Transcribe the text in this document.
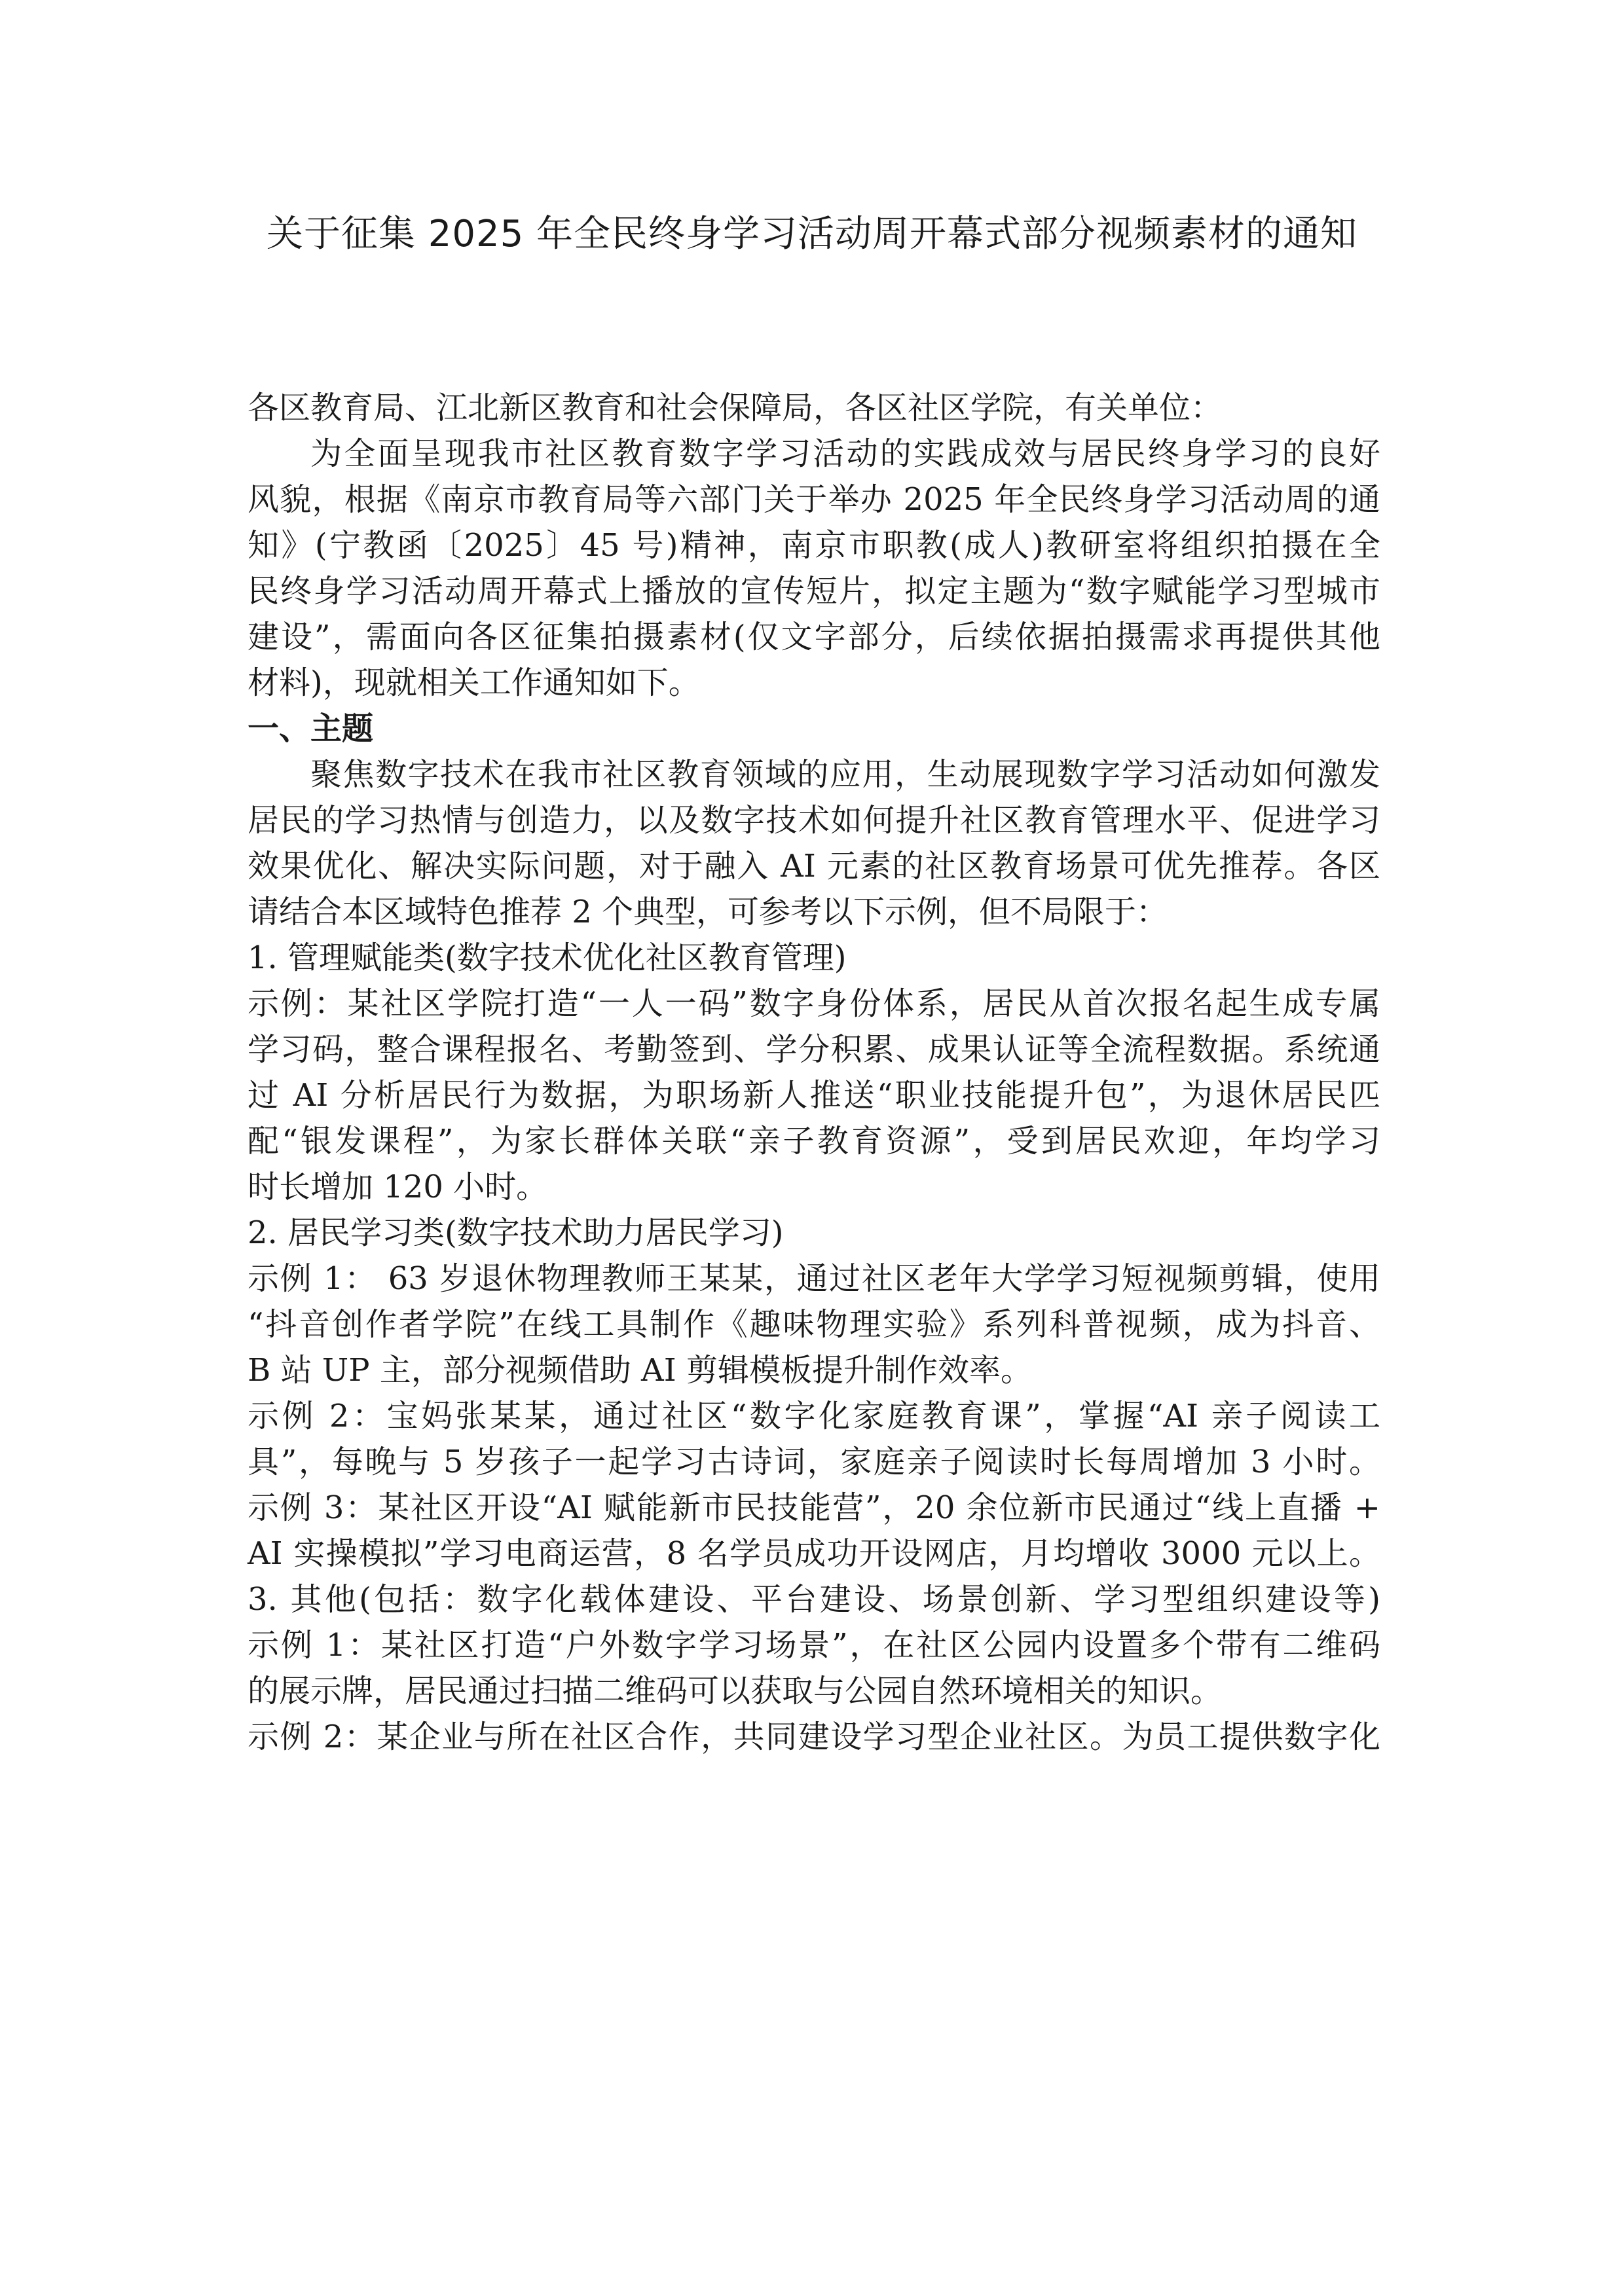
关于征集 2025 年全民终身学习活动周开幕式部分视频素材的通知
各区教育局、江北新区教育和社会保障局，各区社区学院，有关单位：
为全面呈现我市社区教育数字学习活动的实践成效与居民终身学习的良好
风貌，根据《南京市教育局等六部门关于举办 2025 年全民终身学习活动周的通
知》(宁教函〔2025〕45 号)精神，南京市职教(成人)教研室将组织拍摄在全
民终身学习活动周开幕式上播放的宣传短片，拟定主题为“数字赋能学习型城市
建设”，需面向各区征集拍摄素材(仅文字部分，后续依据拍摄需求再提供其他
材料)，现就相关工作通知如下。
一、主题
聚焦数字技术在我市社区教育领域的应用，生动展现数字学习活动如何激发
居民的学习热情与创造力，以及数字技术如何提升社区教育管理水平、促进学习
效果优化、解决实际问题，对于融入 AI 元素的社区教育场景可优先推荐。各区
请结合本区域特色推荐 2 个典型，可参考以下示例，但不局限于：
1. 管理赋能类(数字技术优化社区教育管理)
示例：某社区学院打造“一人一码”数字身份体系，居民从首次报名起生成专属
学习码，整合课程报名、考勤签到、学分积累、成果认证等全流程数据。系统通
过 AI 分析居民行为数据，为职场新人推送“职业技能提升包”，为退休居民匹
配“银发课程”，为家长群体关联“亲子教育资源”，受到居民欢迎，年均学习
时长增加 120 小时。
2. 居民学习类(数字技术助力居民学习)
示例 1： 63 岁退休物理教师王某某，通过社区老年大学学习短视频剪辑，使用
“抖音创作者学院”在线工具制作《趣味物理实验》系列科普视频，成为抖音、
B 站 UP 主，部分视频借助 AI 剪辑模板提升制作效率。
示例 2：宝妈张某某，通过社区“数字化家庭教育课”，掌握“AI 亲子阅读工
具”，每晚与 5 岁孩子一起学习古诗词，家庭亲子阅读时长每周增加 3 小时。
示例 3：某社区开设“AI 赋能新市民技能营”，20 余位新市民通过“线上直播 +
AI 实操模拟”学习电商运营，8 名学员成功开设网店，月均增收 3000 元以上。
3. 其他(包括：数字化载体建设、平台建设、场景创新、学习型组织建设等)
示例 1：某社区打造“户外数字学习场景”，在社区公园内设置多个带有二维码
的展示牌，居民通过扫描二维码可以获取与公园自然环境相关的知识。
示例 2：某企业与所在社区合作，共同建设学习型企业社区。为员工提供数字化
